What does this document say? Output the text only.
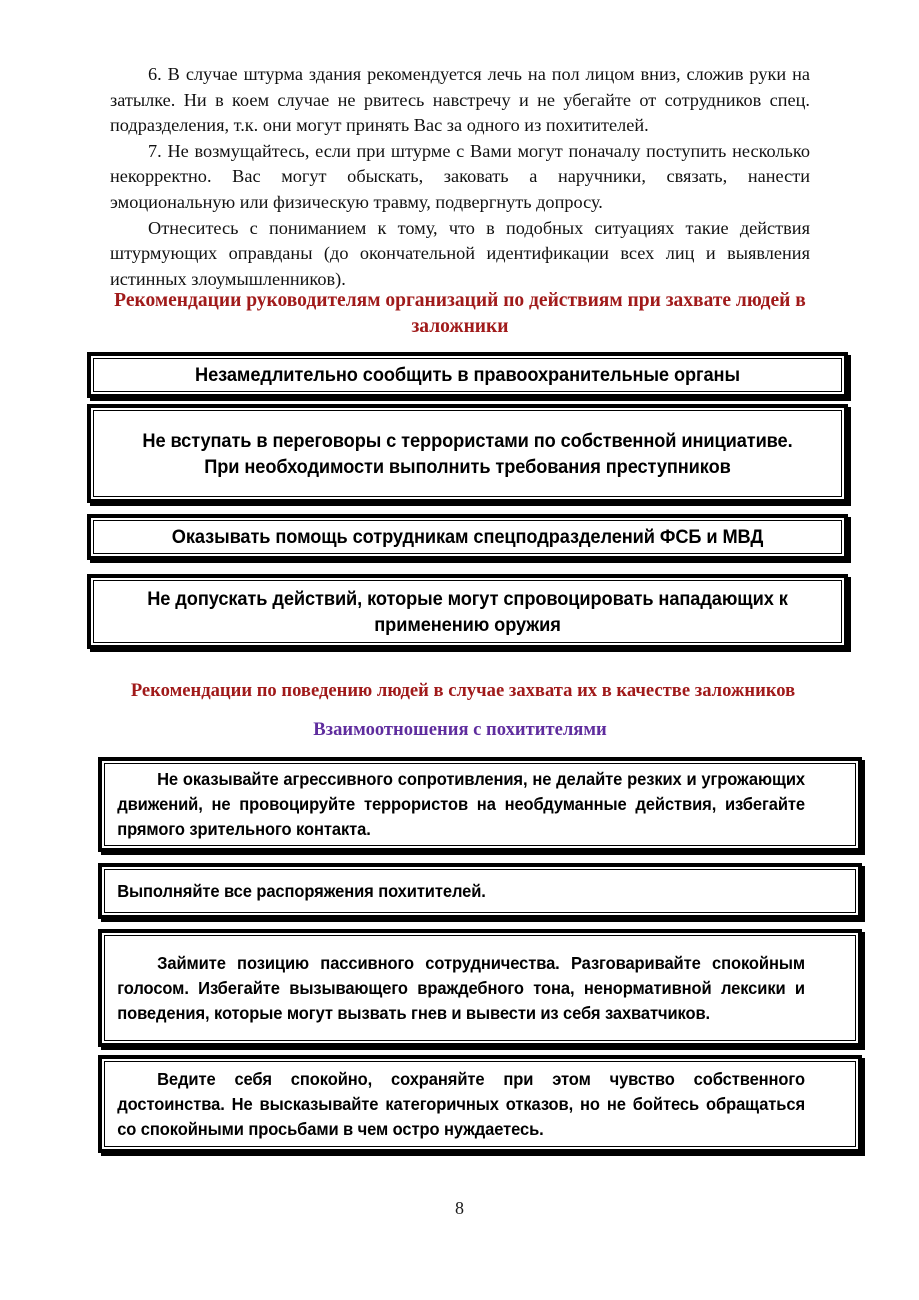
6. В случае штурма здания рекомендуется лечь на пол лицом вниз, сложив руки на затылке. Ни в коем случае не рвитесь навстречу и не убегайте от сотрудников спец. подразделения, т.к. они могут принять Вас за одного из похитителей.

7. Не возмущайтесь, если при штурме с Вами могут поначалу поступить несколько некорректно. Вас могут обыскать, заковать а наручники, связать, нанести эмоциональную или физическую травму, подвергнуть допросу.

Отнеситесь с пониманием к тому, что в подобных ситуациях такие действия штурмующих оправданы (до окончательной идентификации всех лиц и выявления истинных злоумышленников).

Рекомендации руководителям организаций по действиям при захвате людей в заложники
Незамедлительно сообщить в правоохранительные органы
Не вступать в переговоры с террористами по собственной инициативе. При необходимости выполнить требования преступников
Оказывать помощь сотрудникам спецподразделений ФСБ и МВД
Не допускать действий, которые могут спровоцировать нападающих к применению оружия
Рекомендации по поведению людей в случае захвата их в качестве заложников
Взаимоотношения с похитителями
Не оказывайте агрессивного сопротивления, не делайте резких и угрожающих движений, не провоцируйте террористов на необдуманные действия, избегайте прямого зрительного контакта.
Выполняйте все распоряжения похитителей.
Займите позицию пассивного сотрудничества. Разговаривайте спокойным голосом. Избегайте вызывающего враждебного тона, ненормативной лексики и поведения, которые могут вызвать гнев и вывести из себя захватчиков.
Ведите себя спокойно, сохраняйте при этом чувство собственного достоинства. Не высказывайте категоричных отказов, но не бойтесь обращаться со спокойными просьбами в чем остро нуждаетесь.
8
